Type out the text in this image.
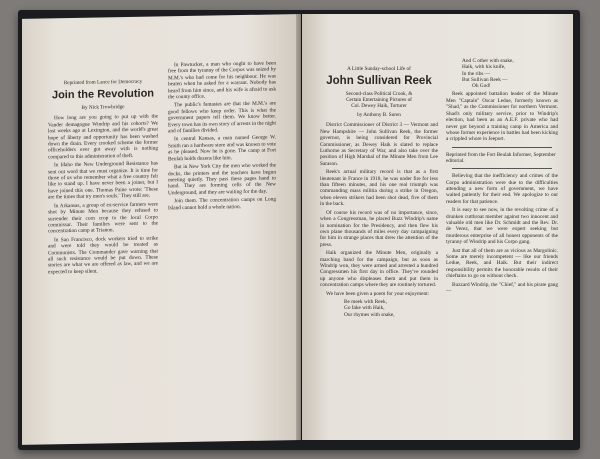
Reprinted from Lance for Democracy
Join the Revolution
By Nick Trowbridge

How long are you going to put up with the Vander demagogue Windrip and his cohorts? We lost weeks ago at Lexington, and the world's great hope of liberty and opportunity has been washed down the drain. Every crooked scheme the former officeholders ever got away with is nothing compared to this administration of theft.

In Idaho the New Underground Resistance has sent out word that we must organize. It is time for those of us who remember what a free country felt like to stand up. I have never been a joiner, but I have joined this one. Thomas Paine wrote: 'These are the times that try men's souls.' They still are.

In Arkansas, a group of ex-service farmers were shot by Minute Men because they refused to surrender their corn crop to the local Corpo commissar. Their families were sent to the concentration camp at Trianon.

In San Francisco, dock workers tried to strike and were told they would be treated as Communists. The Commander gave warning that all such resistance would be put down. These stories are what we are offered as law, and we are expected to keep silent.

In Pawtucket, a man who ought to have been free from the tyranny of the Corpos was seized by M.M.'s who had come for his neighbour. He was beaten when he asked for a warrant. Nobody has heard from him since, and his wife is afraid to ask the county office.

The public's fantasies are that the M.M.'s are good fellows who keep order. This is what the government papers tell them. We know better. Every town has its own story of arrests in the night and of families divided.

In central Kansas, a man named George W. Smith ran a hardware store and was known to vote as he pleased. Now he is gone. The camp at Fort Beulah holds dozens like him.

But in New York City the men who worked the docks, the printers and the teachers have begun meeting quietly. They pass these pages hand to hand. They are forming cells of the New Underground, and they are waiting for the day.

Join them. The concentration camps on Long Island cannot hold a whole nation.

A Little Sunday-school Life of
John Sullivan Reek
Second-class Political Crook, &
Certain Entertaining Pictures of
Col. Dewey Haik, Torturer
by Anthony B. Suren

District Commissioner of District 3 — Vermont and New Hampshire — John Sullivan Reek, the former governor, is being considered for Provincial Commissioner, as Dewey Haik is slated to replace Luthorne as Secretary of War, and also take over the position of High Marshal of the Minute Men from Lee Sarason.

Reek's actual military record is that as a first lieutenant in France in 1918, he was under fire for less than fifteen minutes, and his one real triumph was commanding mass militia during a strike in Oregon, when eleven strikers had been shot dead, five of them in the back.

Of course his record was of no importance, since, when a Congressman, he placed Buzz Windrip's name in nomination for the Presidency, and then flew his own plane thousands of miles every day campaigning for him in strange places that drew the attention of the press.

Haik organized the Minute Men, originally a marching band for the campaign, but as soon as Windrip won, they were armed and arrested a hundred Congressmen his first day in office. They've rounded up anyone who displeases them and put them in concentration camps where they are routinely tortured.

We have been given a poem for your enjoyment:

Be meek with Reek,
Go fake with Haik,
Our rhymes with snake,
And C other with snake,
Haik, with his knife,
In the ribs —
But Sullivan Reek —
Oh God!

Reek appointed battalion leader of the Minute Men "Captain" Oscar Ledue, formerly known as "Shad," as the Commissioner for northern Vermont. Shad's only military service, prior to Windrip's election, had been as an A.E.F. private who had never got beyond a training camp in America and whose former experience in battles had been kicking a crippled whore in Jeeport.

Reprinted from the Fort Beulah Informer, September editorial.

Believing that the inefficiency and crimes of the Corpo administration were due to the difficulties attending a new form of government, we have waited patiently for their end. We apologize to our readers for that patience.

It is easy to see now, in the revolting crime of a drunken cutthroat member against two innocent and valuable old men like Dr. Schmidt and the Rev. Dr. de Verez, that we were expert seeking but murderous enterprise of all honest opponents of the tyranny of Windrip and his Corpo gang.

Just that all of them are as vicious as Margolinic. Some are merely incompetent — like our friends Ledue, Reek, and Haik. But their indirect responsibility permits the honorable results of their chieftains to go on without check.

Buzzard Windrip, the "Chief," and his pirate gang —
